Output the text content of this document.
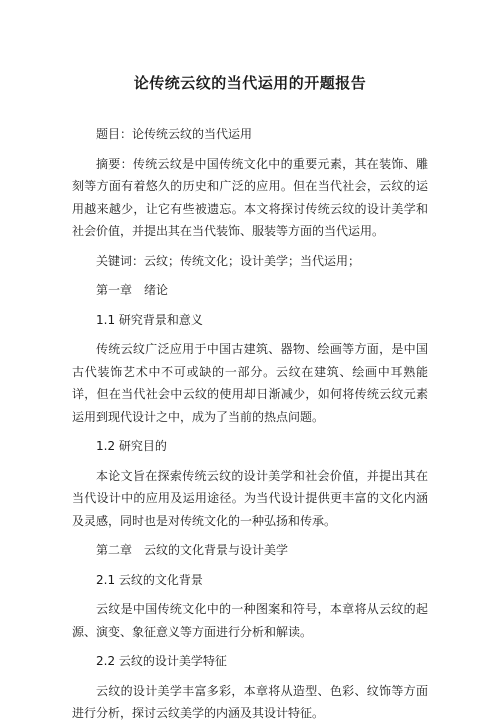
论传统云纹的当代运用的开题报告

题目：论传统云纹的当代运用

摘要：传统云纹是中国传统文化中的重要元素，其在装饰、雕刻等方面有着悠久的历史和广泛的应用。但在当代社会，云纹的运用越来越少，让它有些被遗忘。本文将探讨传统云纹的设计美学和社会价值，并提出其在当代装饰、服装等方面的当代运用。

关键词：云纹；传统文化；设计美学；当代运用；

第一章　绪论

1.1 研究背景和意义

传统云纹广泛应用于中国古建筑、器物、绘画等方面，是中国古代装饰艺术中不可或缺的一部分。云纹在建筑、绘画中耳熟能详，但在当代社会中云纹的使用却日渐减少，如何将传统云纹元素运用到现代设计之中，成为了当前的热点问题。

1.2 研究目的

本论文旨在探索传统云纹的设计美学和社会价值，并提出其在当代设计中的应用及运用途径。为当代设计提供更丰富的文化内涵及灵感，同时也是对传统文化的一种弘扬和传承。

第二章　云纹的文化背景与设计美学

2.1 云纹的文化背景

云纹是中国传统文化中的一种图案和符号，本章将从云纹的起源、演变、象征意义等方面进行分析和解读。

2.2 云纹的设计美学特征

云纹的设计美学丰富多彩，本章将从造型、色彩、纹饰等方面进行分析，探讨云纹美学的内涵及其设计特征。
